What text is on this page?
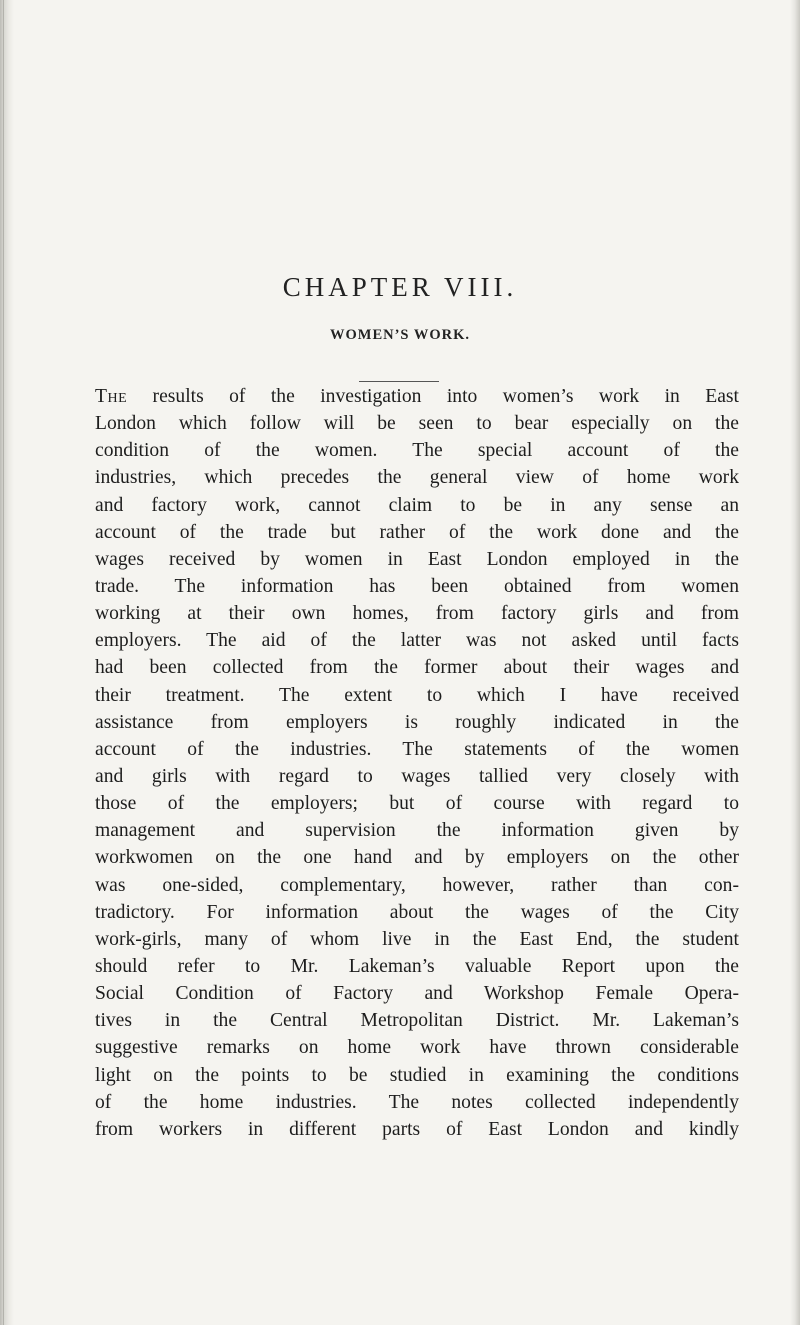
CHAPTER VIII.
WOMEN’S WORK.
The results of the investigation into women’s work in East
London which follow will be seen to bear especially on the
condition of the women. The special account of the
industries, which precedes the general view of home work
and factory work, cannot claim to be in any sense an
account of the trade but rather of the work done and the
wages received by women in East London employed in the
trade. The information has been obtained from women
working at their own homes, from factory girls and from
employers. The aid of the latter was not asked until facts
had been collected from the former about their wages and
their treatment. The extent to which I have received
assistance from employers is roughly indicated in the
account of the industries. The statements of the women
and girls with regard to wages tallied very closely with
those of the employers; but of course with regard to
management and supervision the information given by
workwomen on the one hand and by employers on the other
was one-sided, complementary, however, rather than con-
tradictory. For information about the wages of the City
work-girls, many of whom live in the East End, the student
should refer to Mr. Lakeman’s valuable Report upon the
Social Condition of Factory and Workshop Female Opera-
tives in the Central Metropolitan District. Mr. Lakeman’s
suggestive remarks on home work have thrown considerable
light on the points to be studied in examining the conditions
of the home industries. The notes collected independently
from workers in different parts of East London and kindly
